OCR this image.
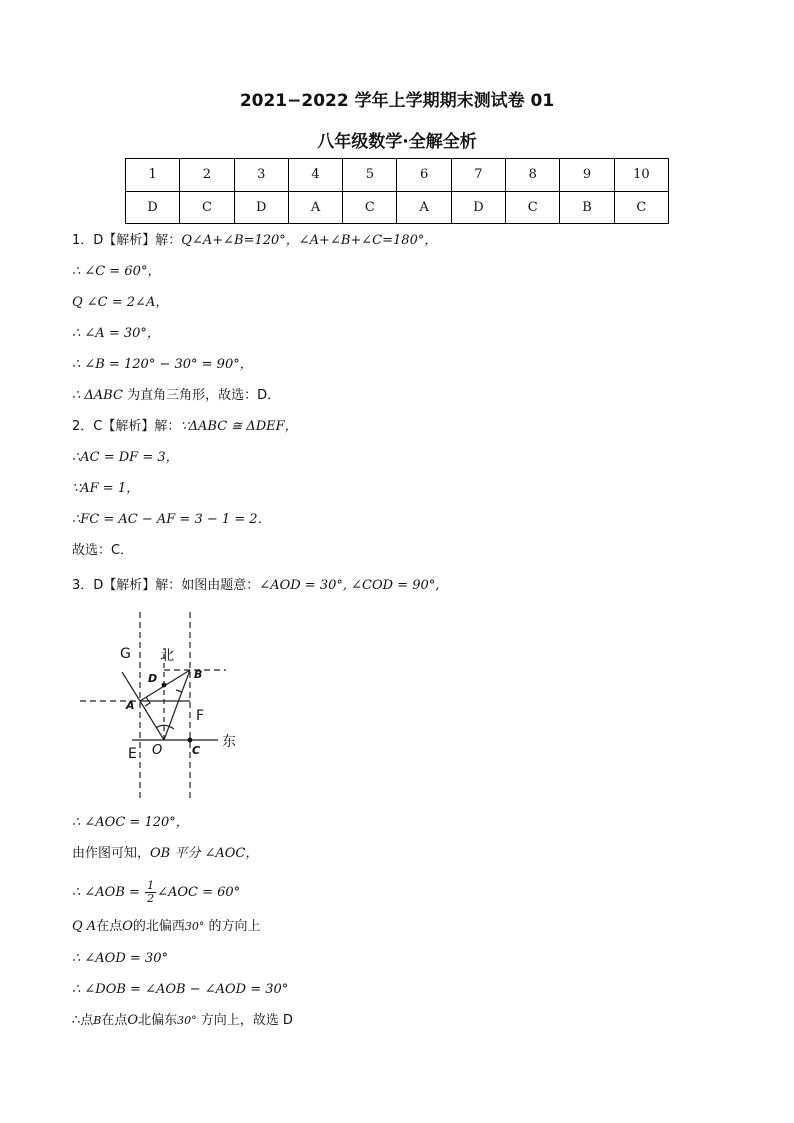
2021−2022 学年上学期期末测试卷 01
八年级数学·全解全析
1	2	3	4	5	6	7	8	9	10
D	C	D	A	C	A	D	C	B	C
1．D【解析】解：Q∠A+∠B=120°，∠A+∠B+∠C=180°，
∴ ∠C = 60°，
Q ∠C = 2∠A，
∴ ∠A = 30°，
∴ ∠B = 120° − 30° = 90°，
∴ ΔABC 为直角三角形，故选：D．
2．C【解析】解：∵ΔABC ≅ ΔDEF，
∴AC = DF = 3，
∵AF = 1，
∴FC = AC − AF = 3 − 1 = 2．
故选：C．
3．D【解析】解：如图由题意：∠AOD = 30°, ∠COD = 90°,
G 北
D	B
A
F
东
E O	C
∴ ∠AOC = 120°，
由作图可知，OB 平分 ∠AOC，
∴ ∠AOB = $\frac{1}{2}$ ∠AOC = 60°
Q A在点O的北偏西30° 的方向上
∴ ∠AOD = 30°
∴ ∠DOB = ∠AOB − ∠AOD = 30°
∴点B在点O北偏东30° 方向上，故选 D
